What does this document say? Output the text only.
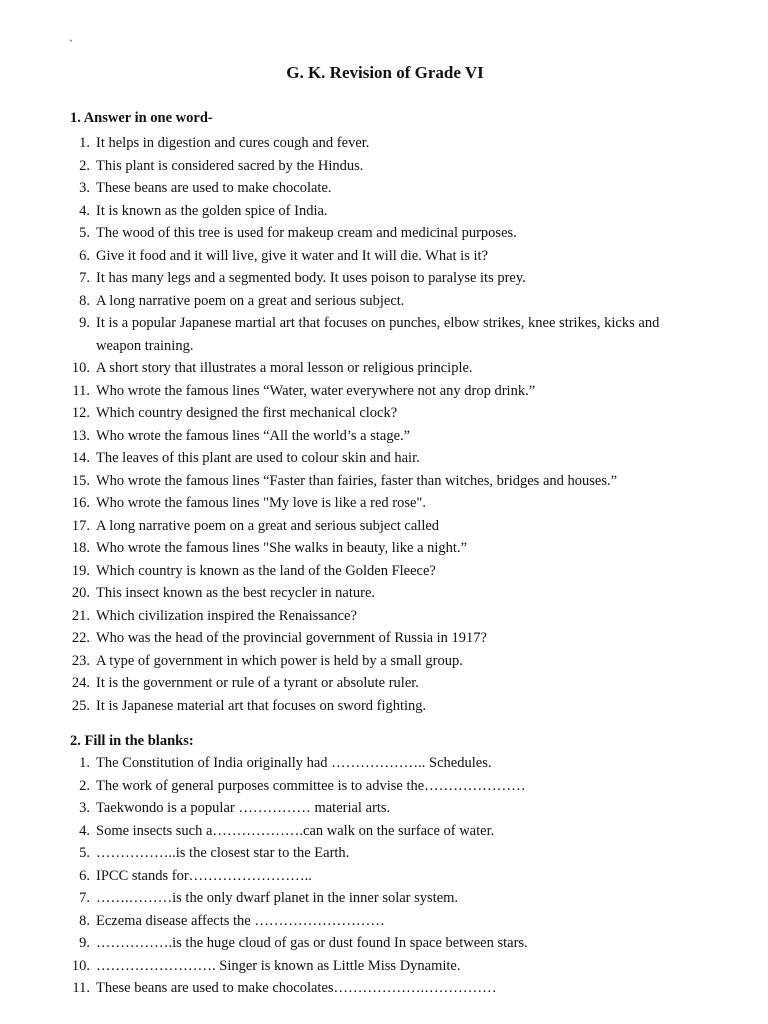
`
G. K. Revision of Grade VI
1. Answer in one word-
1. It helps in digestion and cures cough and fever.
2. This plant is considered sacred by the Hindus.
3. These beans are used to make chocolate.
4. It is known as the golden spice of India.
5. The wood of this tree is used for makeup cream and medicinal purposes.
6. Give it food and it will live, give it water and It will die. What is it?
7. It has many legs and a segmented body. It uses poison to paralyse its prey.
8. A long narrative poem on a great and serious subject.
9. It is a popular Japanese martial art that focuses on punches, elbow strikes, knee strikes, kicks and weapon training.
10. A short story that illustrates a moral lesson or religious principle.
11. Who wrote the famous lines “Water, water everywhere not any drop drink.”
12. Which country designed the first mechanical clock?
13. Who wrote the famous lines “All the world’s a stage.”
14. The leaves of this plant are used to colour skin and hair.
15. Who wrote the famous lines “Faster than fairies, faster than witches, bridges and houses.”
16. Who wrote the famous lines "My love is like a red rose".
17. A long narrative poem on a great and serious subject called
18. Who wrote the famous lines "She walks in beauty, like a night.”
19. Which country is known as the land of the Golden Fleece?
20. This insect known as the best recycler in nature.
21. Which civilization inspired the Renaissance?
22. Who was the head of the provincial government of Russia in 1917?
23. A type of government in which power is held by a small group.
24. It is the government or rule of a tyrant or absolute ruler.
25. It is Japanese material art that focuses on sword fighting.
2. Fill in the blanks:
1. The Constitution of India originally had ……………….. Schedules.
2. The work of general purposes committee is to advise the…………………
3. Taekwondo is a popular …………… material arts.
4. Some insects such a……………….can walk on the surface of water.
5. ……………..is the closest star to the Earth.
6. IPCC stands for……………………..
7. …….………is the only dwarf planet in the inner solar system.
8. Eczema disease affects the ………………………
9. …………….is the huge cloud of gas or dust found In space between stars.
10. ……………………. Singer is known as Little Miss Dynamite.
11. These beans are used to make chocolates……………….……………
